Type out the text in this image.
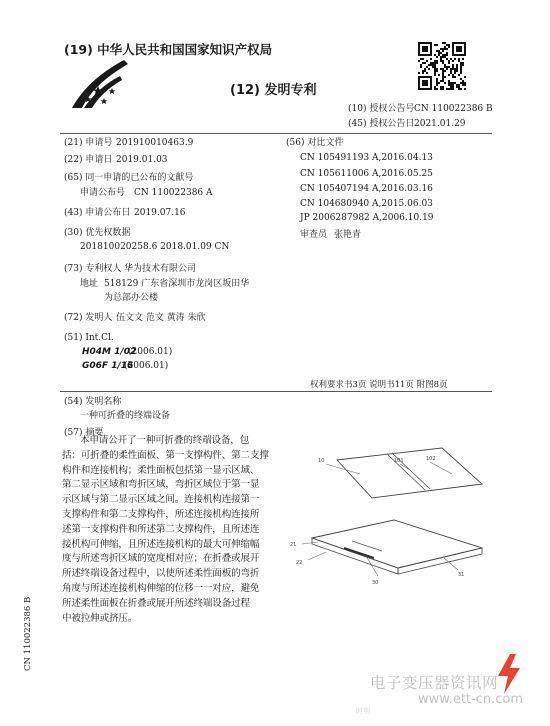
(19) 中华人民共和国国家知识产权局
(12) 发明专利
(10) 授权公告号 CN 110022386 B
(45) 授权公告日 2021.01.29
(21) 申请号 201910010463.9
(22) 申请日 2019.01.03
(65) 同一申请的已公布的文献号
申请公布号 CN 110022386 A
(43) 申请公布日 2019.07.16
(30) 优先权数据
201810020258.6 2018.01.09 CN
(73) 专利权人 华为技术有限公司
地址 518129 广东省深圳市龙岗区坂田华
为总部办公楼
(72) 发明人 伍文文 范文 黄涛 朱欣
(51) Int.Cl.
H04M 1/02
(2006.01)
G06F 1/16
(2006.01)
(56) 对比文件
CN 105491193 A,2016.04.13
CN 105611006 A,2016.05.25
CN 105407194 A,2016.03.16
CN 104680940 A,2015.06.03
JP 2006287982 A,2006.10.19
审查员 张艳青
权利要求书3页 说明书11页 附图8页
(54) 发明名称
一种可折叠的终端设备
(57) 摘要
本申请公开了一种可折叠的终端设备，包
括：可折叠的柔性面板、第一支撑构件、第二支撑
构件和连接机构；柔性面板包括第一显示区域、
第二显示区域和弯折区域，弯折区域位于第一显
示区域与第二显示区域之间。连接机构连接第一
支撑构件和第二支撑构件，所述连接机构连接所
述第一支撑构件和所述第二支撑构件，且所述连
接机构可伸缩，且所述连接机构的最大可伸缩幅
度与所述弯折区域的宽度相对应；在折叠或展开
所述终端设备过程中，以使所述柔性面板的弯折
角度与所述连接机构伸缩的位移一一对应，避免
所述柔性面板在折叠或展开所述终端设备过程
中被拉伸或挤压。
10	101	102
21
22
30
31
CN 110022386 B
电子变压器资讯网
www.ett-cn.com
时刻
